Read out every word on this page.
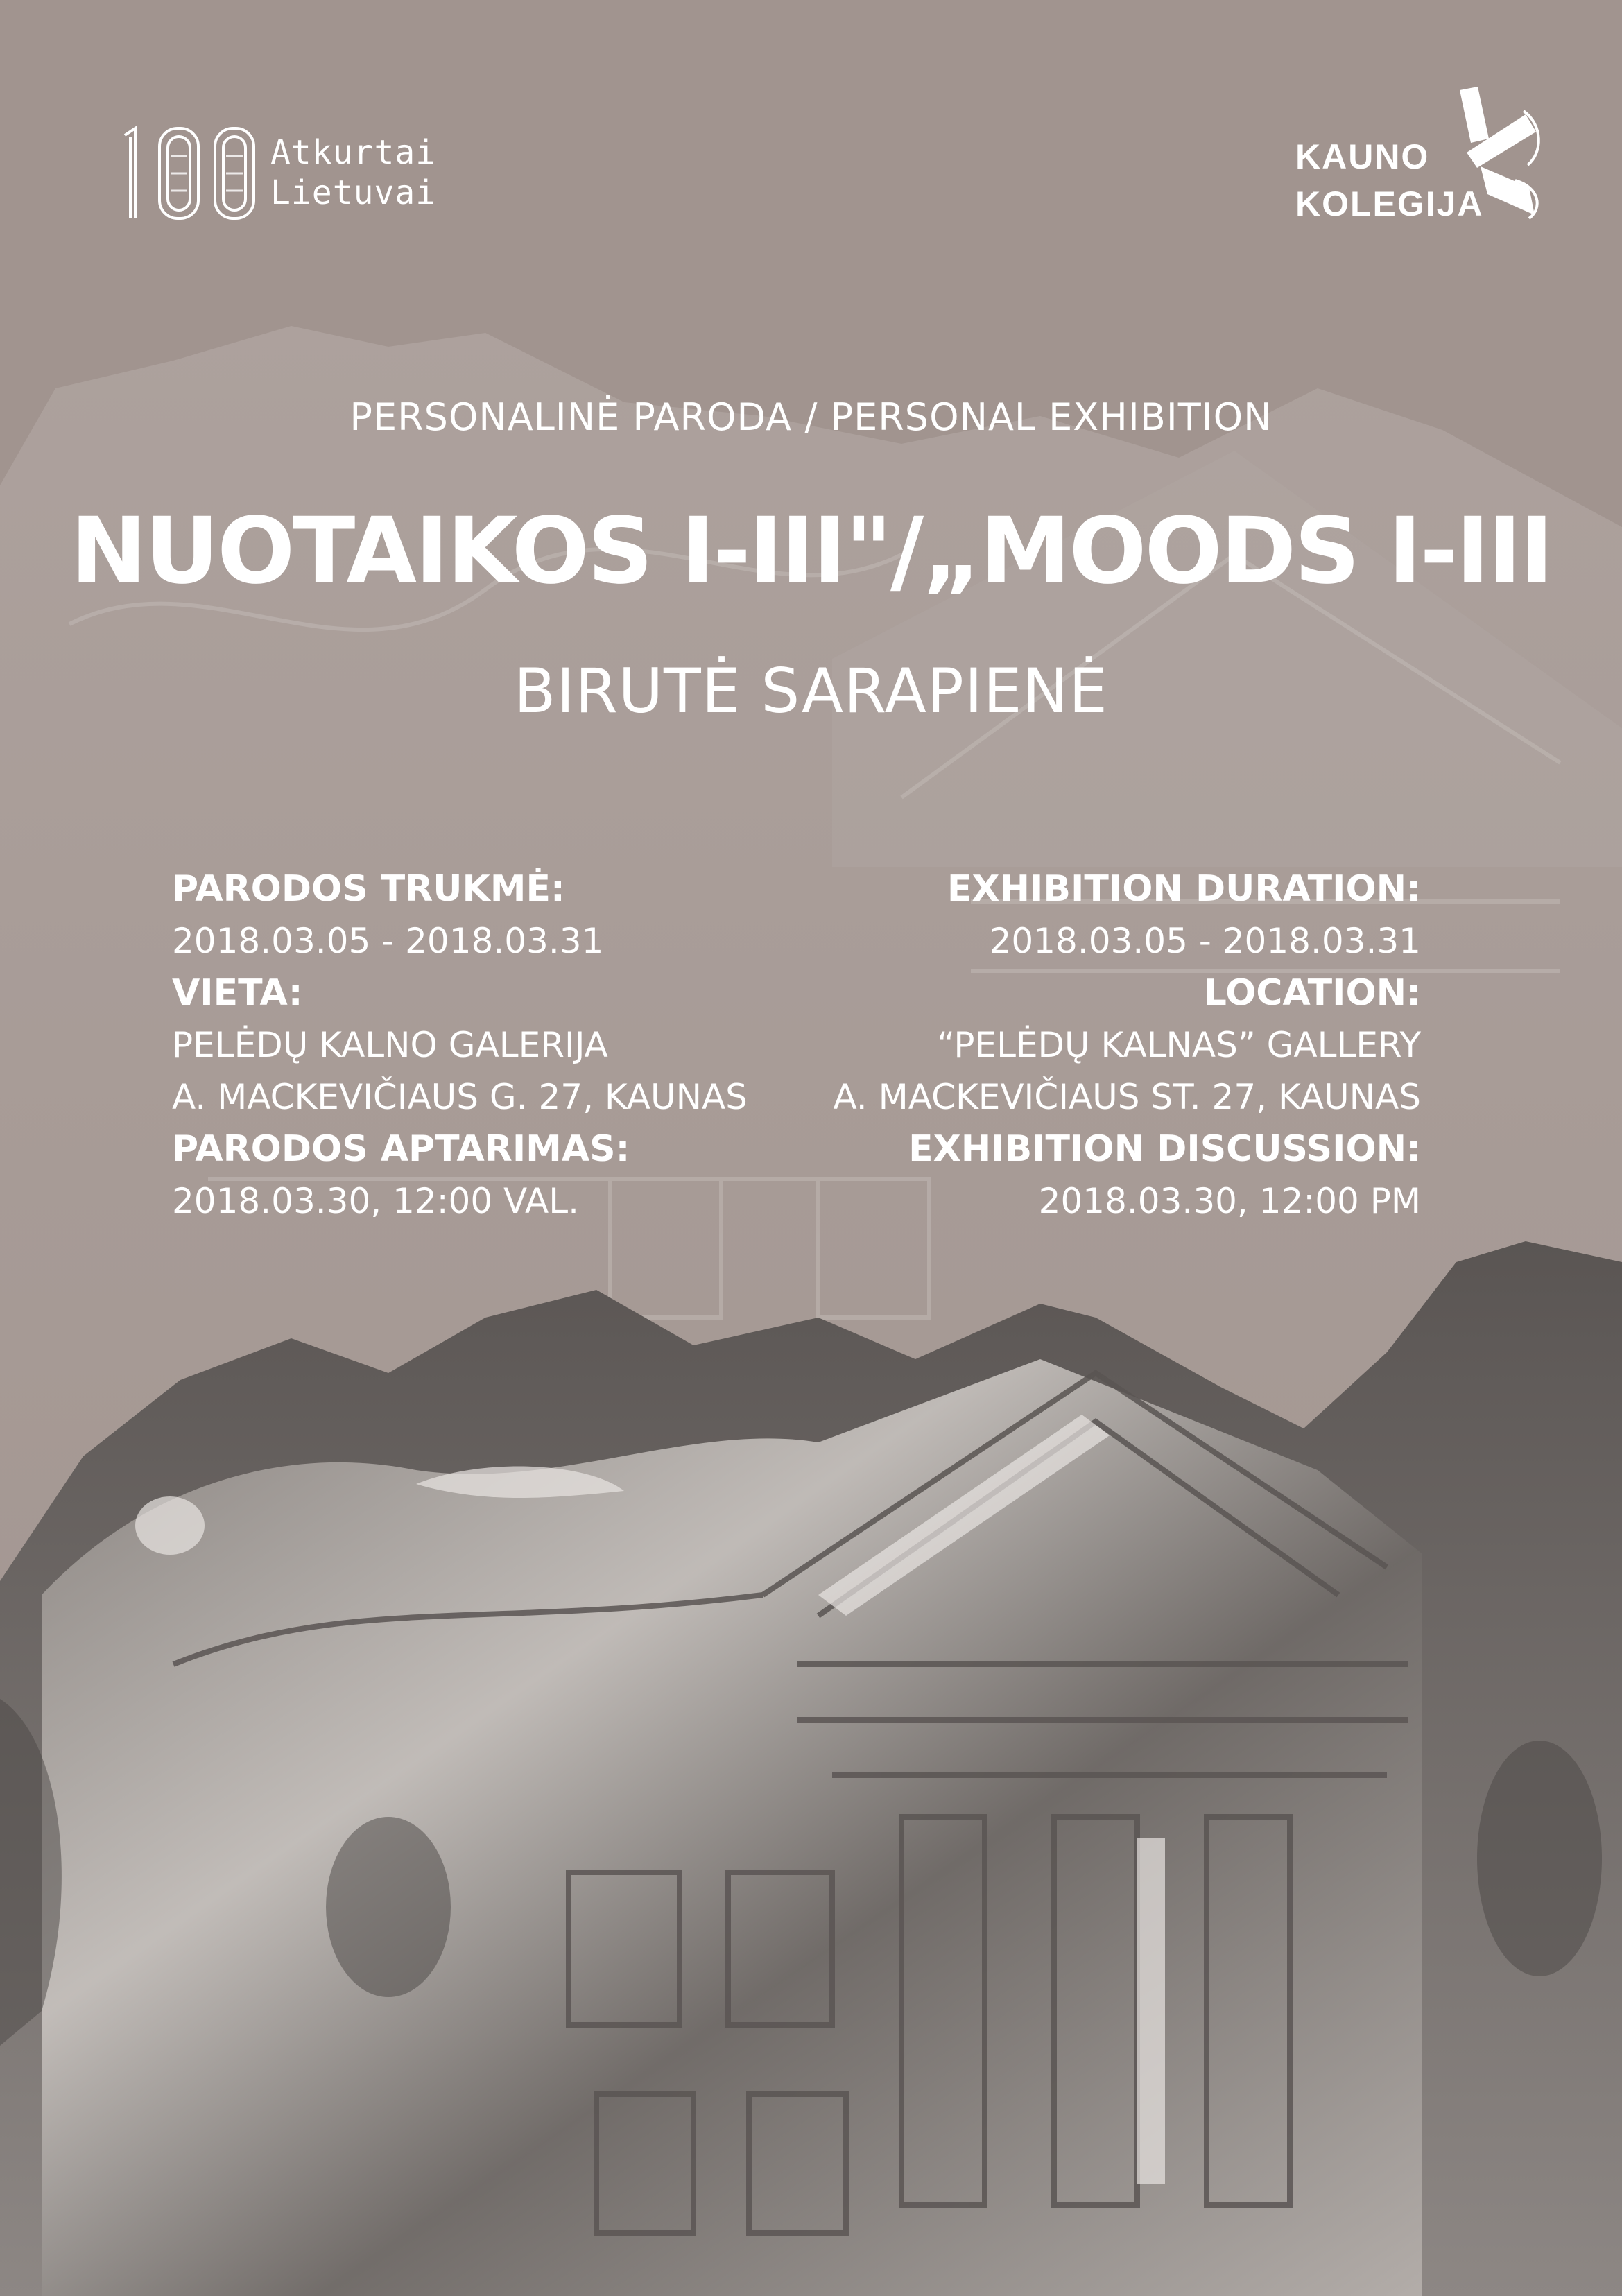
Atkurtai
Lietuvai
KAUNO
KOLEGIJA
PERSONALINĖ PARODA / PERSONAL EXHIBITION
NUOTAIKOS I-III"/„MOODS I-III
BIRUTĖ SARAPIENĖ
PARODOS TRUKMĖ:
2018.03.05 - 2018.03.31
VIETA:
PELĖDŲ KALNO GALERIJA
A. MACKEVIČIAUS G. 27, KAUNAS
PARODOS APTARIMAS:
2018.03.30, 12:00 VAL.
EXHIBITION DURATION:
2018.03.05 - 2018.03.31
LOCATION:
“PELĖDŲ KALNAS” GALLERY
A. MACKEVIČIAUS ST. 27, KAUNAS
EXHIBITION DISCUSSION:
2018.03.30, 12:00 PM
